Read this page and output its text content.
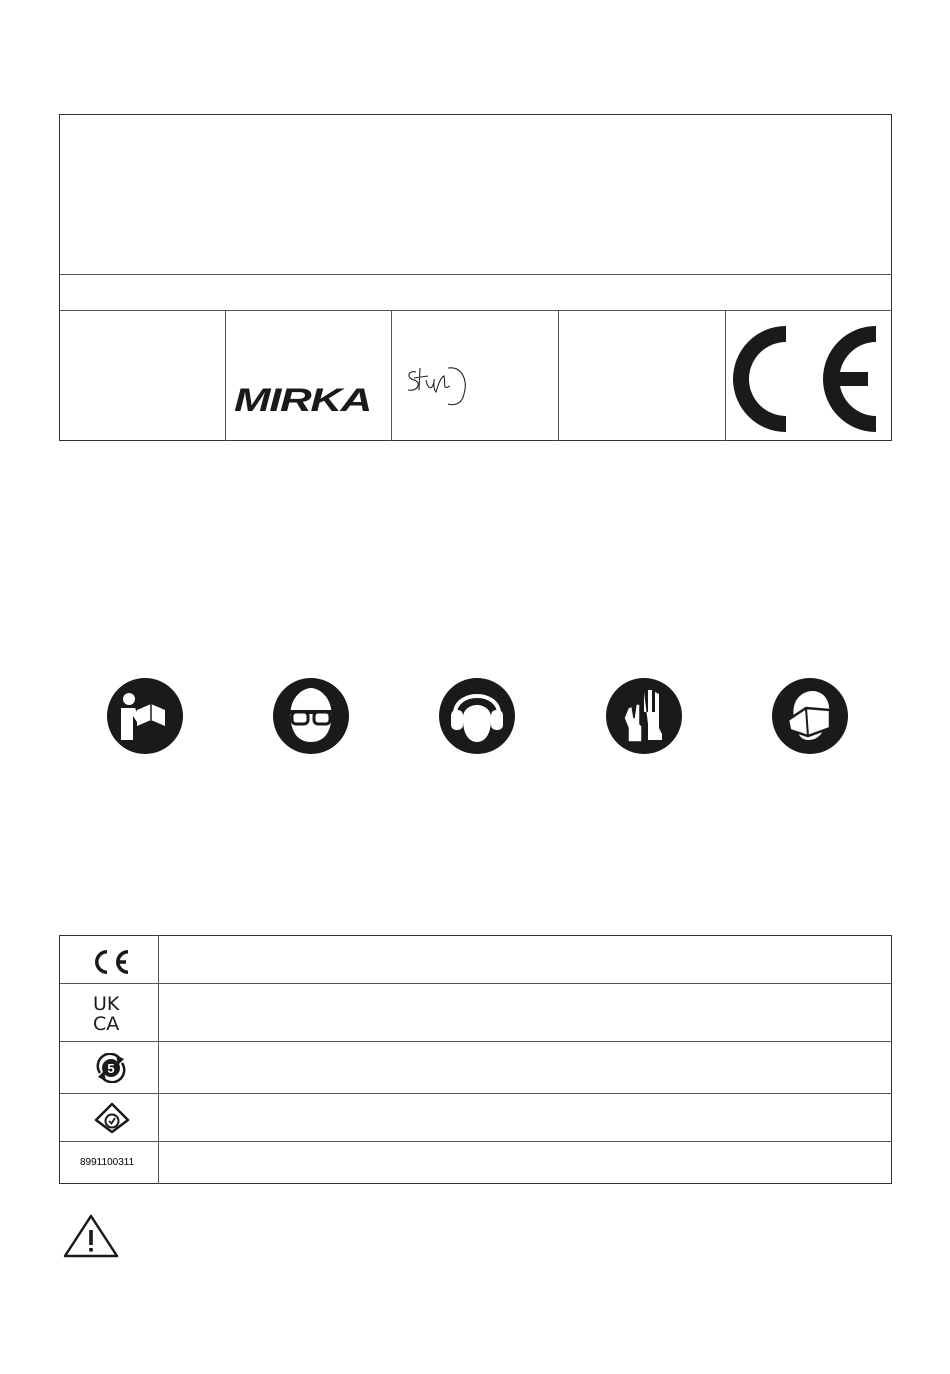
MIRKA
UK CA
5
8991100311
